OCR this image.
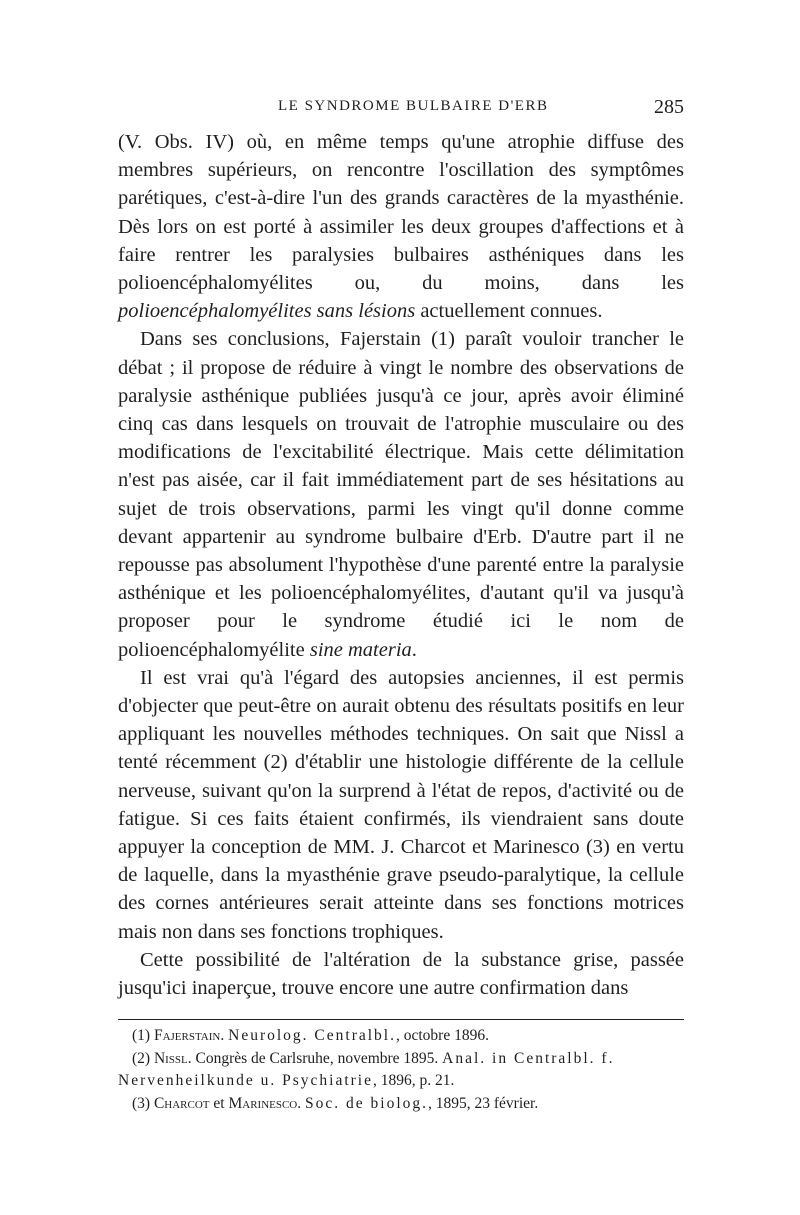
LE SYNDROME BULBAIRE D'ERB	285

(V. Obs. IV) où, en même temps qu'une atrophie diffuse des membres supérieurs, on rencontre l'oscillation des symptômes parétiques, c'est-à-dire l'un des grands caractères de la myasthénie. Dès lors on est porté à assimiler les deux groupes d'affections et à faire rentrer les paralysies bulbaires asthéniques dans les polioencéphalomyélites ou, du moins, dans les polioencéphalomyélites sans lésions actuellement connues.

Dans ses conclusions, Fajerstain (1) paraît vouloir trancher le débat ; il propose de réduire à vingt le nombre des observations de paralysie asthénique publiées jusqu'à ce jour, après avoir éliminé cinq cas dans lesquels on trouvait de l'atrophie musculaire ou des modifications de l'excitabilité électrique. Mais cette délimitation n'est pas aisée, car il fait immédiatement part de ses hésitations au sujet de trois observations, parmi les vingt qu'il donne comme devant appartenir au syndrome bulbaire d'Erb. D'autre part il ne repousse pas absolument l'hypothèse d'une parenté entre la paralysie asthénique et les polioencéphalomyélites, d'autant qu'il va jusqu'à proposer pour le syndrome étudié ici le nom de polioencéphalomyélite sine materia.

Il est vrai qu'à l'égard des autopsies anciennes, il est permis d'objecter que peut-être on aurait obtenu des résultats positifs en leur appliquant les nouvelles méthodes techniques. On sait que Nissl a tenté récemment (2) d'établir une histologie différente de la cellule nerveuse, suivant qu'on la surprend à l'état de repos, d'activité ou de fatigue. Si ces faits étaient confirmés, ils viendraient sans doute appuyer la conception de MM. J. Charcot et Marinesco (3) en vertu de laquelle, dans la myasthénie grave pseudo-paralytique, la cellule des cornes antérieures serait atteinte dans ses fonctions motrices mais non dans ses fonctions trophiques.

Cette possibilité de l'altération de la substance grise, passée jusqu'ici inaperçue, trouve encore une autre confirmation dans

(1) Fajerstain. Neurolog. Centralbl., octobre 1896.

(2) Nissl. Congrès de Carlsruhe, novembre 1895. Anal. in Centralbl. f. Nervenheilkunde u. Psychiatrie, 1896, p. 21.

(3) Charcot et Marinesco. Soc. de biolog., 1895, 23 février.
